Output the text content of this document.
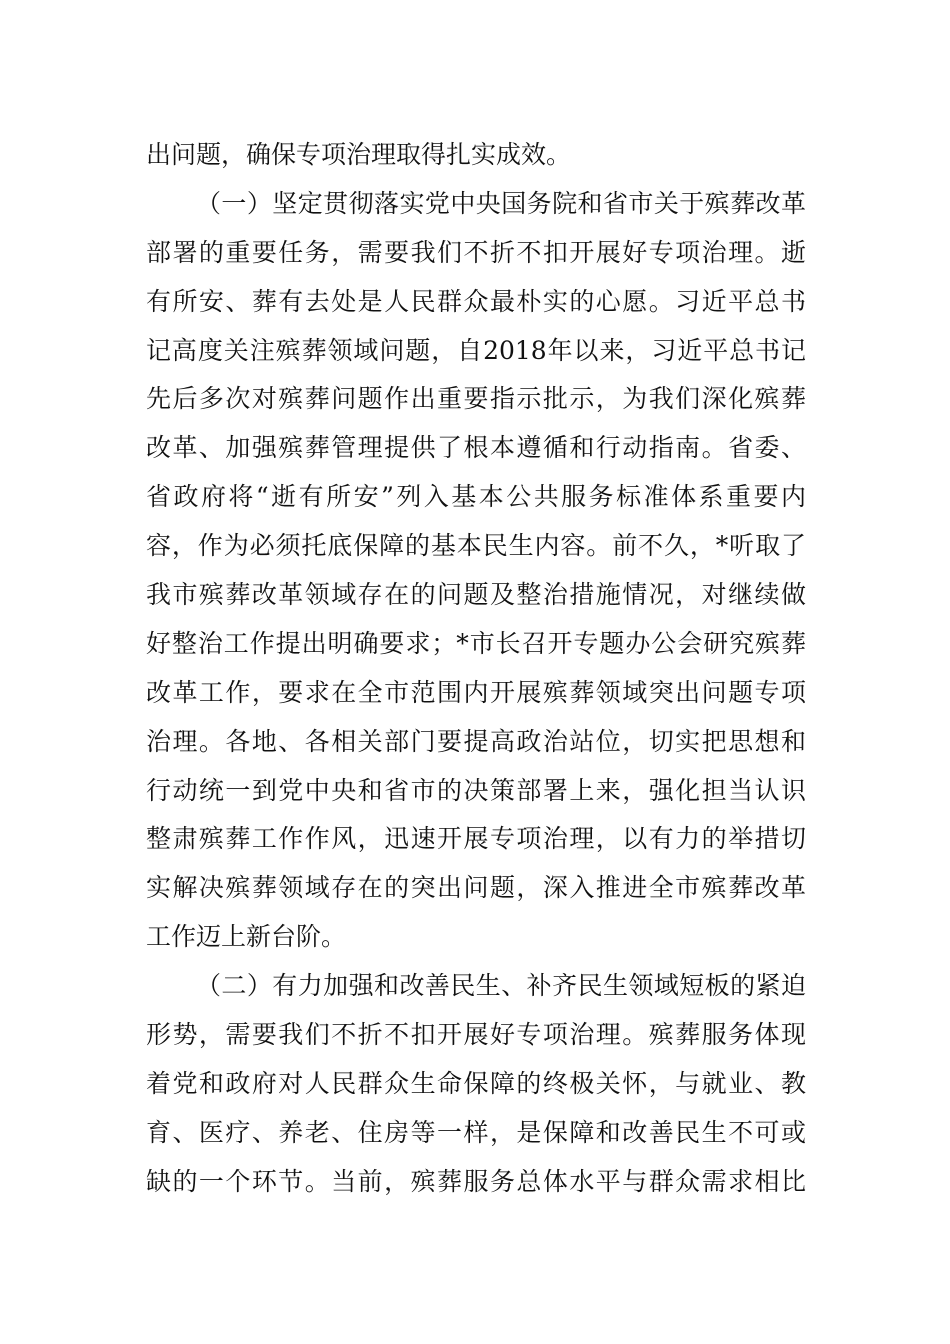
出问题，确保专项治理取得扎实成效。
（一）坚定贯彻落实党中央国务院和省市关于殡葬改革
部署的重要任务，需要我们不折不扣开展好专项治理。逝
有所安、葬有去处是人民群众最朴实的心愿。习近平总书
记高度关注殡葬领域问题，自2018年以来，习近平总书记
先后多次对殡葬问题作出重要指示批示，为我们深化殡葬
改革、加强殡葬管理提供了根本遵循和行动指南。省委、
省政府将“逝有所安”列入基本公共服务标准体系重要内
容，作为必须托底保障的基本民生内容。前不久，*听取了
我市殡葬改革领域存在的问题及整治措施情况，对继续做
好整治工作提出明确要求；*市长召开专题办公会研究殡葬
改革工作，要求在全市范围内开展殡葬领域突出问题专项
治理。各地、各相关部门要提高政治站位，切实把思想和
行动统一到党中央和省市的决策部署上来，强化担当认识
整肃殡葬工作作风，迅速开展专项治理，以有力的举措切
实解决殡葬领域存在的突出问题，深入推进全市殡葬改革
工作迈上新台阶。
（二）有力加强和改善民生、补齐民生领域短板的紧迫
形势，需要我们不折不扣开展好专项治理。殡葬服务体现
着党和政府对人民群众生命保障的终极关怀，与就业、教
育、医疗、养老、住房等一样，是保障和改善民生不可或
缺的一个环节。当前，殡葬服务总体水平与群众需求相比
